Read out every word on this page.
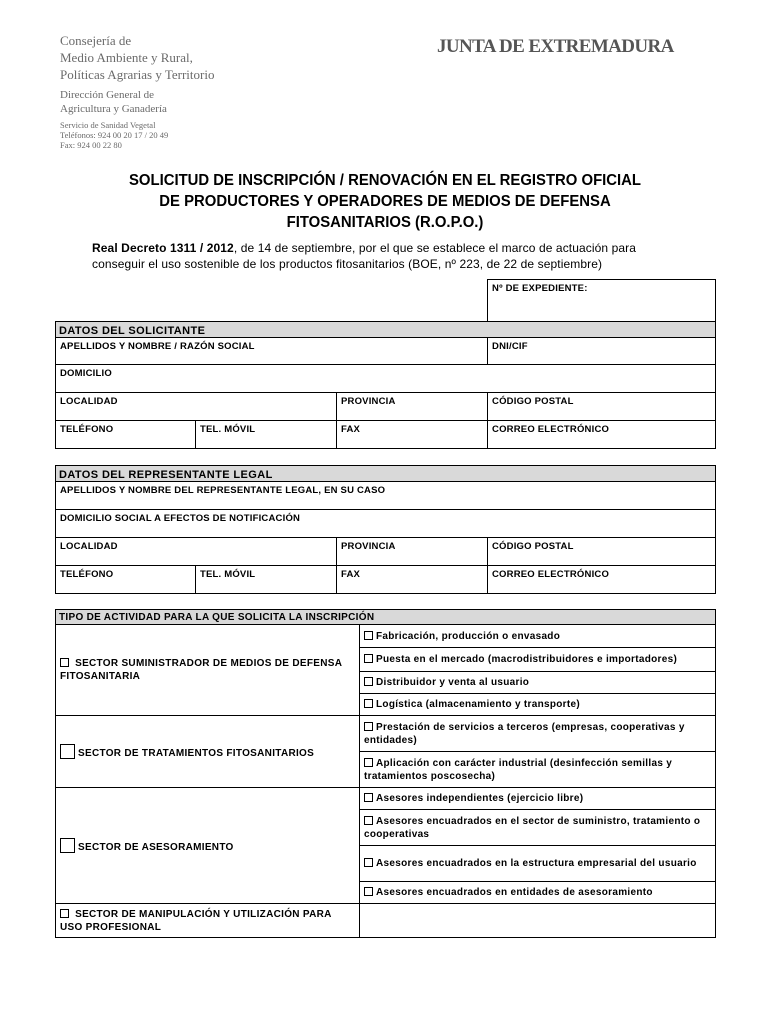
Consejería de
Medio Ambiente y Rural,
Políticas Agrarias y Territorio
Dirección General de
Agricultura y Ganadería
Servicio de Sanidad Vegetal
Teléfonos: 924 00 20 17 / 20 49
Fax: 924 00 22 80
JUNTA DE EXTREMADURA
SOLICITUD DE INSCRIPCIÓN / RENOVACIÓN EN EL REGISTRO OFICIAL
DE PRODUCTORES Y OPERADORES DE MEDIOS DE DEFENSA
FITOSANITARIOS (R.O.P.O.)
Real Decreto 1311 / 2012, de 14 de septiembre, por el que se establece el marco de actuación para conseguir el uso sostenible de los productos fitosanitarios (BOE, nº 223, de 22 de septiembre)
			Nº DE EXPEDIENTE:
DATOS DEL SOLICITANTE			
APELLIDOS Y NOMBRE / RAZÓN SOCIAL			DNI/CIF
DOMICILIO			
LOCALIDAD		PROVINCIA	CÓDIGO POSTAL
TELÉFONO	TEL. MÓVIL	FAX	CORREO ELECTRÓNICO
DATOS DEL REPRESENTANTE LEGAL			
APELLIDOS Y NOMBRE DEL REPRESENTANTE LEGAL, EN SU CASO			
DOMICILIO SOCIAL A EFECTOS DE NOTIFICACIÓN			
LOCALIDAD		PROVINCIA	CÓDIGO POSTAL
TELÉFONO	TEL. MÓVIL	FAX	CORREO ELECTRÓNICO
TIPO DE ACTIVIDAD PARA LA QUE SOLICITA LA INSCRIPCIÓN	
SECTOR SUMINISTRADOR DE MEDIOS DE DEFENSA FITOSANITARIA	Fabricación, producción o envasado
	Puesta en el mercado (macrodistribuidores e importadores)
	Distribuidor y venta al usuario
	Logística (almacenamiento y transporte)
SECTOR DE TRATAMIENTOS FITOSANITARIOS	Prestación de servicios a terceros (empresas, cooperativas y entidades)
	Aplicación con carácter industrial (desinfección semillas y tratamientos poscosecha)
SECTOR DE ASESORAMIENTO	Asesores independientes (ejercicio libre)
	Asesores encuadrados en el sector de suministro, tratamiento o cooperativas
	Asesores encuadrados en la estructura empresarial del usuario
	Asesores encuadrados en entidades de asesoramiento
SECTOR DE MANIPULACIÓN Y UTILIZACIÓN PARA USO PROFESIONAL	
